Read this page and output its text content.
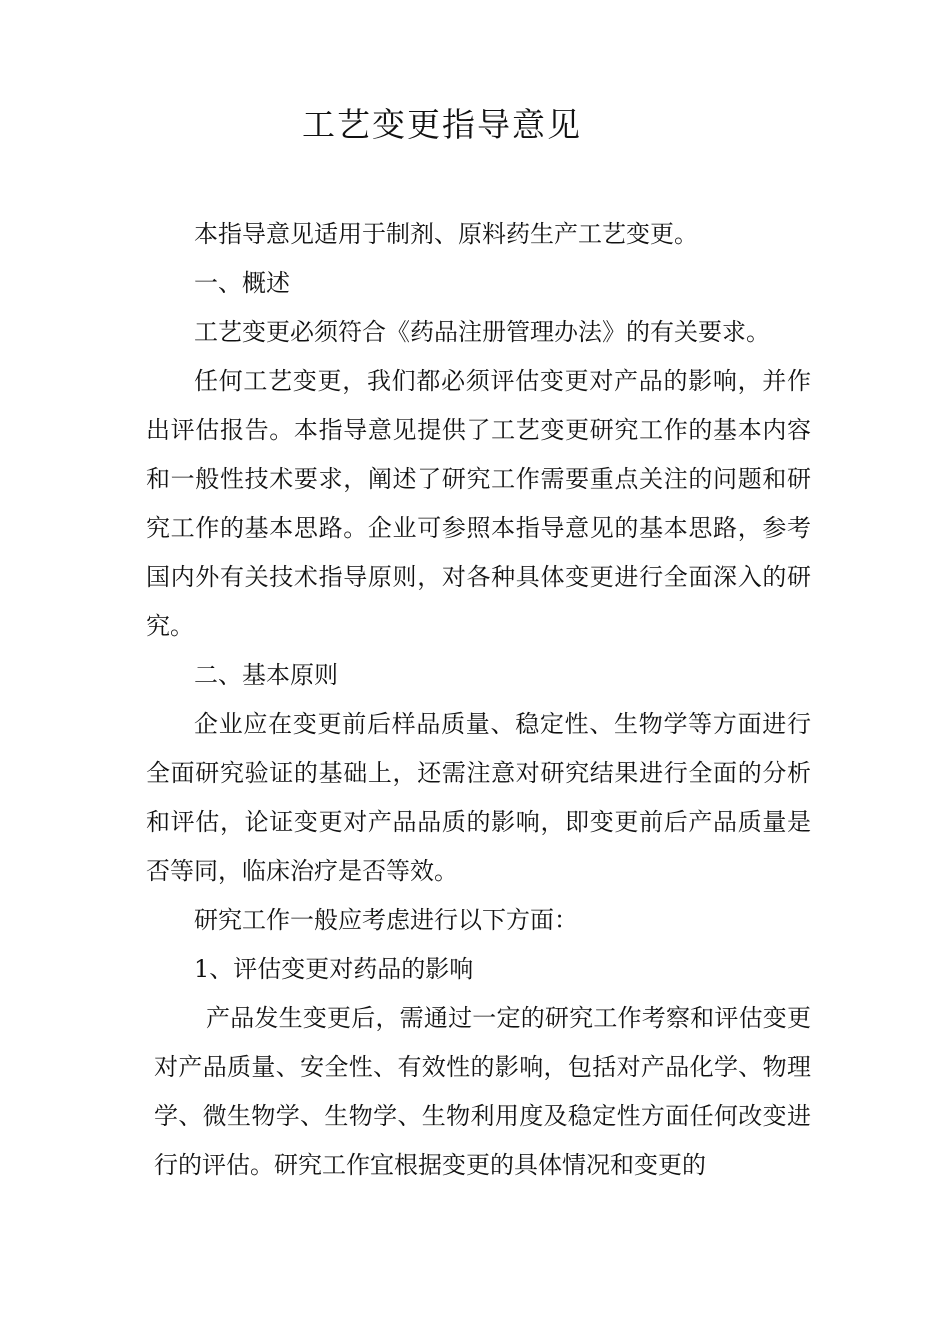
工艺变更指导意见

本指导意见适用于制剂、原料药生产工艺变更。

一、概述

工艺变更必须符合《药品注册管理办法》的有关要求。

任何工艺变更，我们都必须评估变更对产品的影响，并作出评估报告。本指导意见提供了工艺变更研究工作的基本内容和一般性技术要求，阐述了研究工作需要重点关注的问题和研究工作的基本思路。企业可参照本指导意见的基本思路，参考国内外有关技术指导原则，对各种具体变更进行全面深入的研究。

二、基本原则

企业应在变更前后样品质量、稳定性、生物学等方面进行全面研究验证的基础上，还需注意对研究结果进行全面的分析和评估，论证变更对产品品质的影响，即变更前后产品质量是否等同，临床治疗是否等效。

研究工作一般应考虑进行以下方面：

1、评估变更对药品的影响

产品发生变更后，需通过一定的研究工作考察和评估变更对产品质量、安全性、有效性的影响，包括对产品化学、物理学、微生物学、生物学、生物利用度及稳定性方面任何改变进行的评估。研究工作宜根据变更的具体情况和变更的
